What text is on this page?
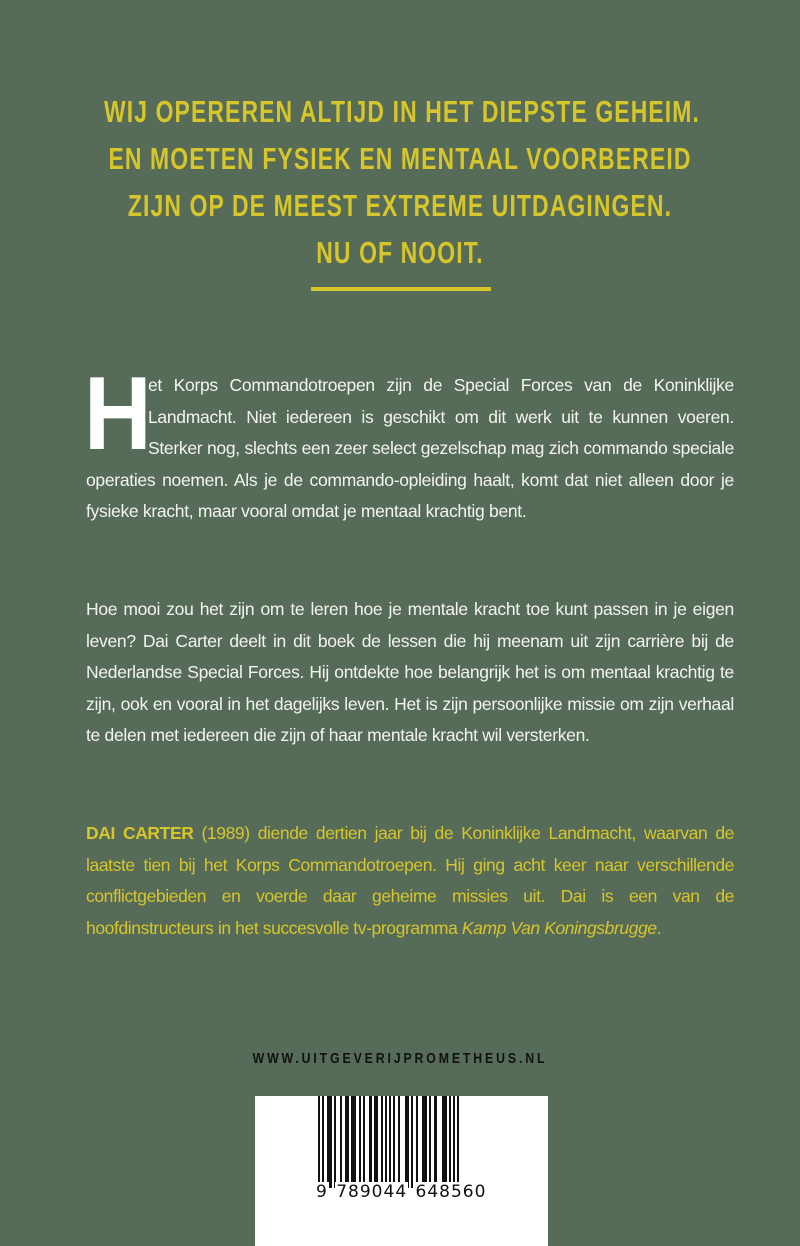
WIJ OPEREREN ALTIJD IN HET DIEPSTE GEHEIM.
EN MOETEN FYSIEK EN MENTAAL VOORBEREID
ZIJN OP DE MEEST EXTREME UITDAGINGEN.
NU OF NOOIT.
H
et Korps Commandotroepen zijn de Special Forces van de Koninklijke Landmacht. Niet iedereen is geschikt om dit werk uit te kunnen voeren. Sterker nog, slechts een zeer select gezelschap mag zich commando speciale operaties noemen. Als je de commando-opleiding haalt, komt dat niet alleen door je fysieke kracht, maar vooral omdat je mentaal krachtig bent.
Hoe mooi zou het zijn om te leren hoe je mentale kracht toe kunt passen in je eigen leven? Dai Carter deelt in dit boek de lessen die hij meenam uit zijn carrière bij de Nederlandse Special Forces. Hij ontdekte hoe belangrijk het is om mentaal krachtig te zijn, ook en vooral in het dagelijks leven. Het is zijn persoonlijke missie om zijn verhaal te delen met iedereen die zijn of haar mentale kracht wil versterken.
DAI CARTER (1989) diende dertien jaar bij de Koninklijke Landmacht, waarvan de laatste tien bij het Korps Commandotroepen. Hij ging acht keer naar verschillende conflictgebieden en voerde daar geheime missies uit. Dai is een van de hoofdinstructeurs in het succesvolle tv-programma Kamp Van Koningsbrugge.
WWW.UITGEVERIJPROMETHEUS.NL
9 789044 648560
